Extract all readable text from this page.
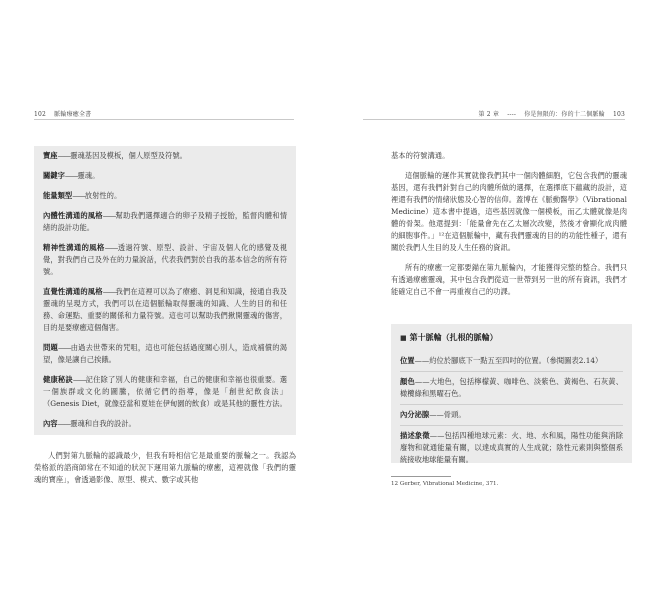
102 脈輪療癒全書

寶座——靈魂基因及模板，個人原型及符號。

關鍵字——靈魂。

能量類型——放射性的。

內體性溝通的風格——幫助我們選擇適合的卵子及精子授胎，監督肉體和情緒的設計功能。

精神性溝通的風格——透過符號、原型、設計、宇宙及個人化的感覺及視覺，對我們自己及外在的力量說話，代表我們對於自我的基本信念的所有符號。

直覺性溝通的風格——我們在這裡可以為了療癒、洞見和知識，接通自我及靈魂的呈現方式，我們可以在這個脈輪取得靈魂的知識、人生的目的和任務、命運點、重要的關係和力量符號。這也可以幫助我們揪開靈魂的傷害，目的是要療癒這個傷害。

問題——由過去世帶來的咒咀，這也可能包括過度關心別人，造成補償的渴望，像是讓自己挨餓。

健康秘訣——記住除了別人的健康和幸福，自己的健康和幸福也很重要。選一個族群或文化的圖騰，依循它們的指導，像是「創世紀飲食法」（Genesis Diet，就像亞當和夏娃在伊甸園的飲食）或是其他的靈性方法。

內容——靈魂和自我的設計。

人們對第九脈輪的認識最少，但我有時相信它是最重要的脈輪之一。我認為榮格派的諮商師常在不知道的狀況下運用第九脈輪的療癒，這裡就像「我們的靈魂的寶座」，會透過影像、原型、模式、數字或其他

第 2 章 ---- 你是無限的：你的十二個脈輪 103

基本的符號溝通。

這個脈輪的運作其實就像我們其中一個肉體細胞，它包含我們的靈魂基因，還有我們針對自己的肉體所做的選擇，在選擇底下蘊藏的設計，這裡還有我們的情緒狀態及心智的信仰。蓋博在《脈動醫學》（Vibrational Medicine）這本書中提過，這些基因就像一個模板，而乙太體就像是肉體的骨架。他還提到：「能量會先在乙太層次改變，然後才會顯化成肉體的細胞事件。」¹²在這個脈輪中，藏有我們靈魂的目的的功能性種子，還有關於我們人生目的及人生任務的資訊。

所有的療癒一定都要錨在第九脈輪內，才能獲得完整的整合。我們只有透過療癒靈魂，其中包含我們從這一世帶到另一世的所有資訊，我們才能確定自己不會一再重複自己的功課。

■ 第十脈輪（扎根的脈輪）

位置——約位於腳底下一點五至四吋的位置。（參閱圖表2.14）

顏色——大地色，包括檸檬黃、咖啡色、淡紫色、黃褐色、石灰黃、橄欖綠和黑曜石色。

內分泌腺——骨頭。

描述象徵——包括四種地球元素：火、地、水和風，陽性功能與消除廢物和就通能量有關，以達成真實的人生成就；陰性元素則與整個系統接收地球能量有關。

12 Gerber, Vibrational Medicine, 371.
